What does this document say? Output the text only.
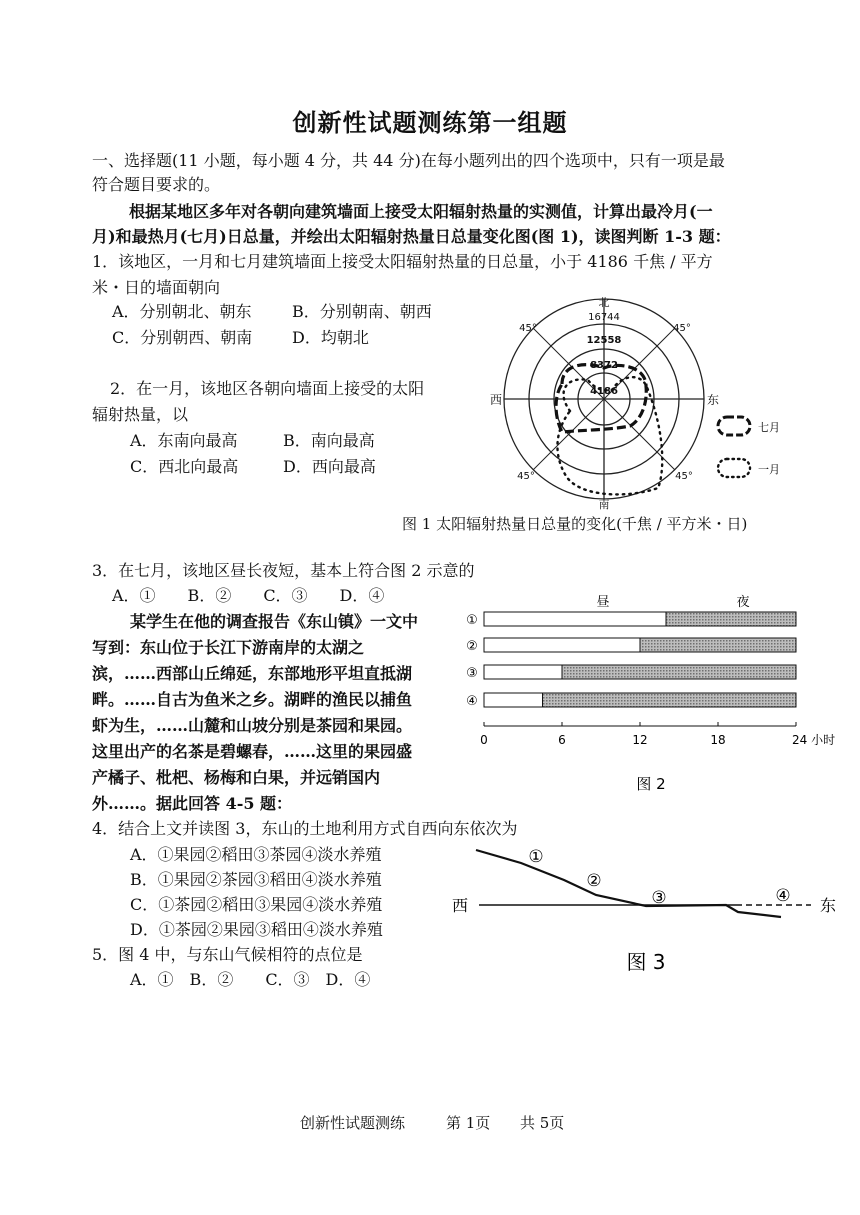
创新性试题测练第一组题
一、选择题(11 小题，每小题 4 分，共 44 分)在每小题列出的四个选项中，只有一项是最
符合题目要求的。
根据某地区多年对各朝向建筑墙面上接受太阳辐射热量的实测值，计算出最冷月(一
月)和最热月(七月)日总量，并绘出太阳辐射热量日总量变化图(图 1)，读图判断 1-3 题：
1．该地区，一月和七月建筑墙面上接受太阳辐射热量的日总量，小于 4186 千焦 / 平方
米・日的墙面朝向
A．分别朝北、朝东	B．分别朝南、朝西
C．分别朝西、朝南 D．均朝北
2．在一月，该地区各朝向墙面上接受的太阳
辐射热量，以
A．东南向最高	B．南向最高
C．西北向最高	D．西向最高
北
16744
12558
8372
4186
南
西	东
45°	45°
45°	45°
七月
一月
图 1 太阳辐射热量日总量的变化(千焦 / 平方米・日)
3．在七月，该地区昼长夜短，基本上符合图 2 示意的
A．①　　B．②　　C．③　　D．④
某学生在他的调查报告《东山镇》一文中
写到：东山位于长江下游南岸的太湖之
滨，……西部山丘绵延，东部地形平坦直抵湖
畔。……自古为鱼米之乡。湖畔的渔民以捕鱼
虾为生，……山麓和山坡分别是茶园和果园。
这里出产的名茶是碧螺春，……这里的果园盛
产橘子、枇杷、杨梅和白果，并远销国内
外……。据此回答 4-5 题：
昼	夜
①
②
③
④
0	6	12	18	24 小时
图 2
4．结合上文并读图 3，东山的土地利用方式自西向东依次为
A．①果园②稻田③茶园④淡水养殖
B．①果园②茶园③稻田④淡水养殖
C．①茶园②稻田③果园④淡水养殖
D．①茶园②果园③稻田④淡水养殖
西	东
①
②
③	④
图 3
5．图 4 中，与东山气候相符的点位是
A．①　B．②　　C．③　D．④
创新性试题测练	第 1页 共 5页
